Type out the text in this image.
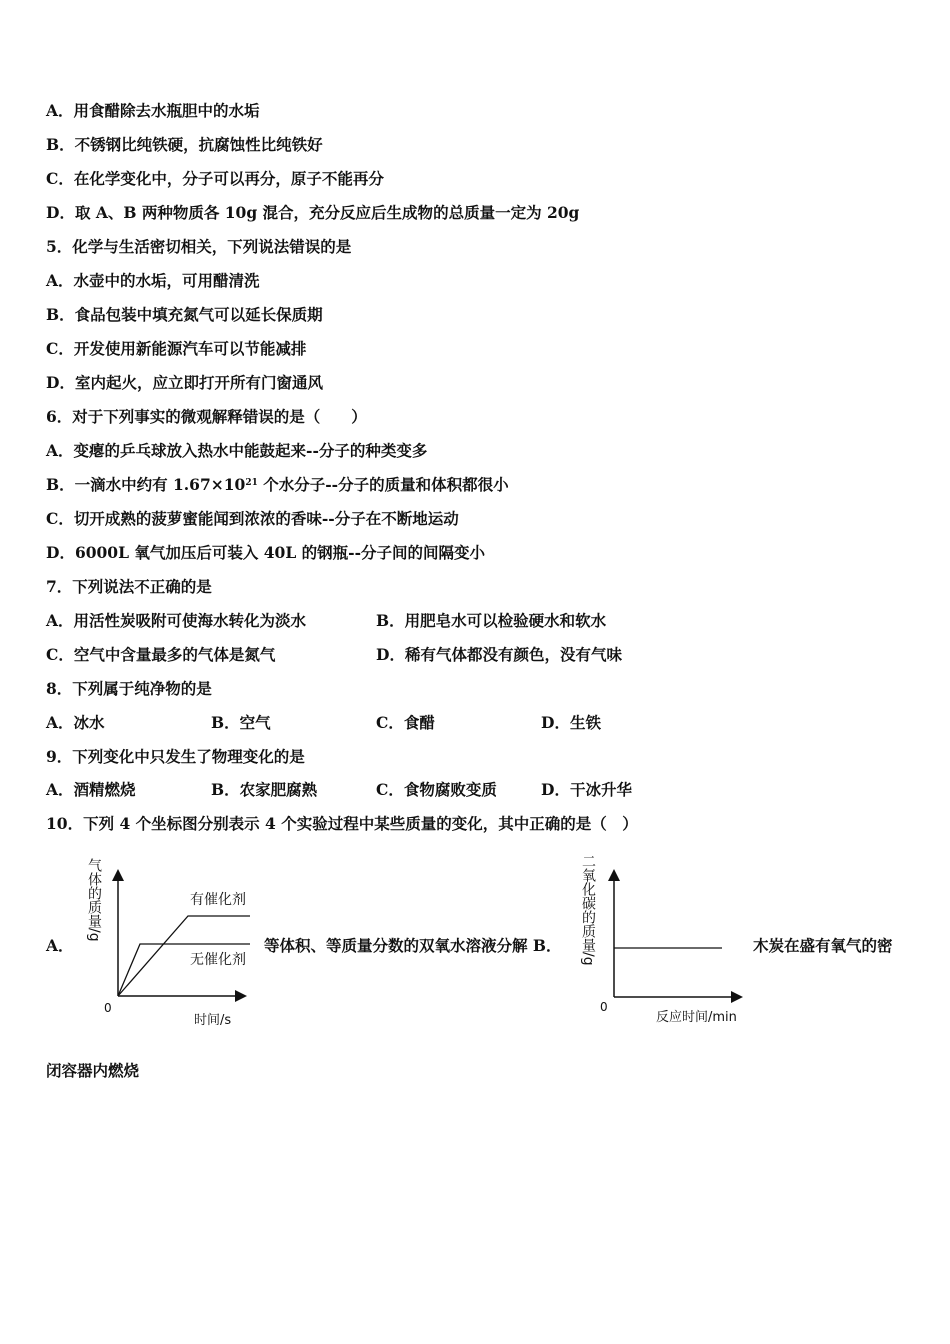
A．用食醋除去水瓶胆中的水垢
B．不锈钢比纯铁硬，抗腐蚀性比纯铁好
C．在化学变化中，分子可以再分，原子不能再分
D．取 A、B 两种物质各 10g 混合，充分反应后生成物的总质量一定为 20g
5．化学与生活密切相关，下列说法错误的是
A．水壶中的水垢，可用醋清洗
B．食品包装中填充氮气可以延长保质期
C．开发使用新能源汽车可以节能减排
D．室内起火，应立即打开所有门窗通风
6．对于下列事实的微观解释错误的是（　　）
A．变瘪的乒乓球放入热水中能鼓起来--分子的种类变多
B．一滴水中约有 $1.67\times 10^{21}$ 个水分子--分子的质量和体积都很小
C．切开成熟的菠萝蜜能闻到浓浓的香味--分子在不断地运动
D．6000L 氧气加压后可装入 40L 的钢瓶--分子间的间隔变小
7．下列说法不正确的是
A．用活性炭吸附可使海水转化为淡水	B．用肥皂水可以检验硬水和软水
C．空气中含量最多的气体是氮气	D．稀有气体都没有颜色，没有气味
8．下列属于纯净物的是
A．冰水	B．空气	C．食醋	D．生铁
9．下列变化中只发生了物理变化的是
A．酒精燃烧	B．农家肥腐熟	C．食物腐败变质	D．干冰升华
10．下列 4 个坐标图分别表示 4 个实验过程中某些质量的变化，其中正确的是（　）
A．
气体的质量/g
0
有催化剂
无催化剂
时间/s
等体积、等质量分数的双氧水溶液分解 B． 二氧化碳的质量/g
0
反应时间/min
木炭在盛有氧气的密
闭容器内燃烧
